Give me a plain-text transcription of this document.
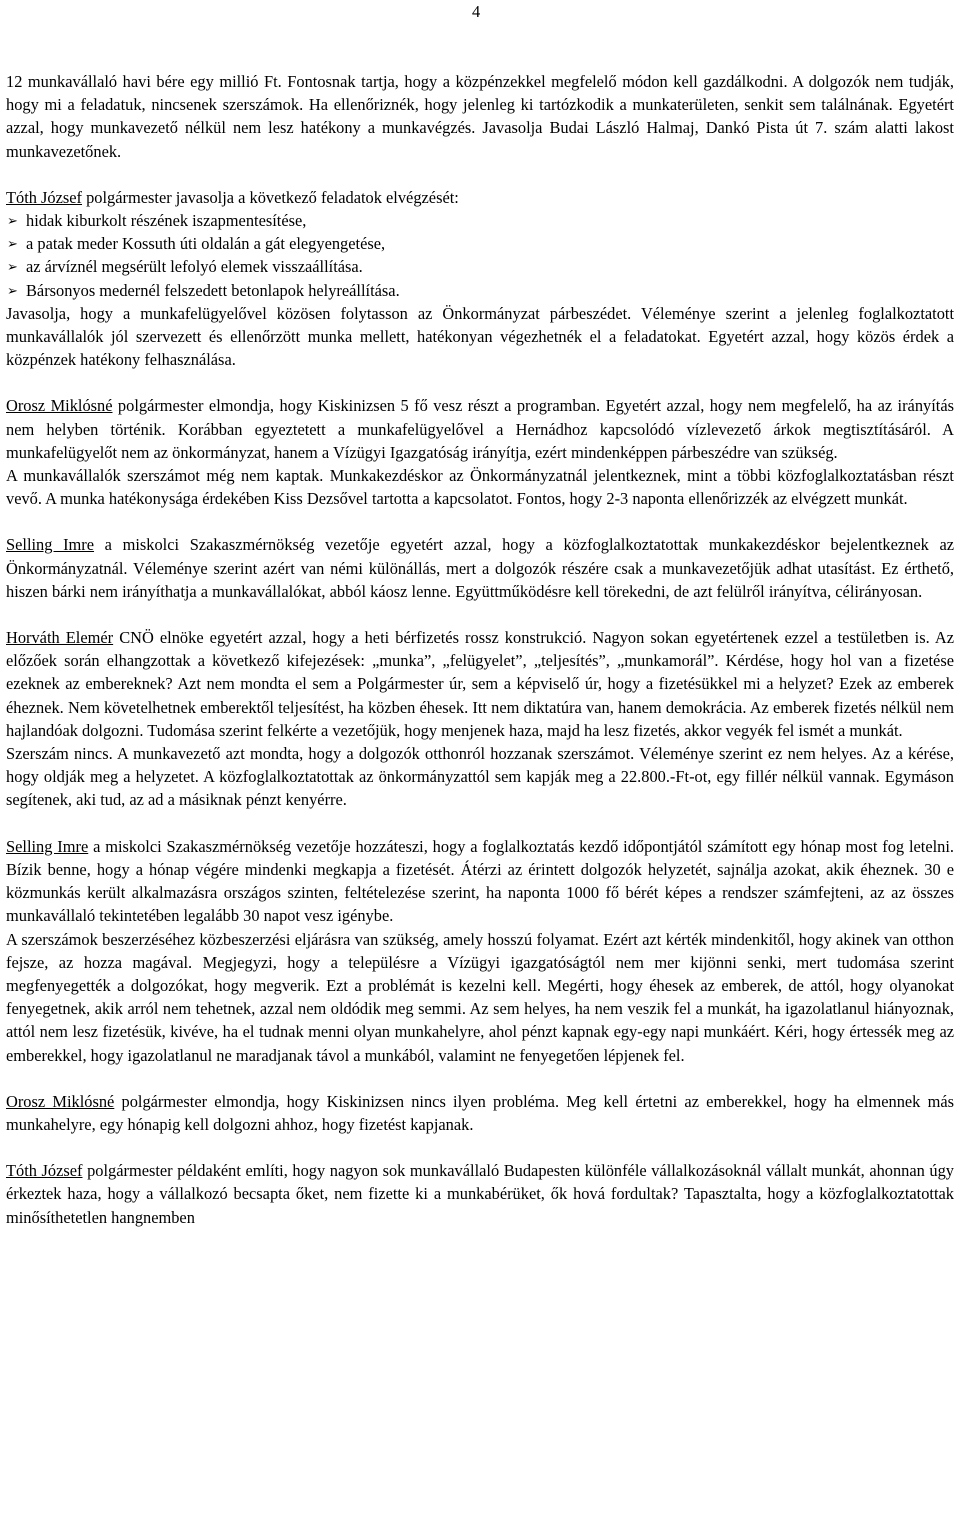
4

12 munkavállaló havi bére egy millió Ft. Fontosnak tartja, hogy a közpénzekkel megfelelő módon kell gazdálkodni. A dolgozók nem tudják, hogy mi a feladatuk, nincsenek szerszámok. Ha ellenőriznék, hogy jelenleg ki tartózkodik a munkaterületen, senkit sem találnának. Egyetért azzal, hogy munkavezető nélkül nem lesz hatékony a munkavégzés. Javasolja Budai László Halmaj, Dankó Pista út 7. szám alatti lakost munkavezetőnek.

Tóth József polgármester javasolja a következő feladatok elvégzését:

➢ hidak kiburkolt részének iszapmentesítése,
➢ a patak meder Kossuth úti oldalán a gát elegyengetése,
➢ az árvíznél megsérült lefolyó elemek visszaállítása.
➢ Bársonyos medernél felszedett betonlapok helyreállítása.

Javasolja, hogy a munkafelügyelővel közösen folytasson az Önkormányzat párbeszédet. Véleménye szerint a jelenleg foglalkoztatott munkavállalók jól szervezett és ellenőrzött munka mellett, hatékonyan végezhetnék el a feladatokat. Egyetért azzal, hogy közös érdek a közpénzek hatékony felhasználása.

Orosz Miklósné polgármester elmondja, hogy Kiskinizsen 5 fő vesz részt a programban. Egyetért azzal, hogy nem megfelelő, ha az irányítás nem helyben történik. Korábban egyeztetett a munkafelügyelővel a Hernádhoz kapcsolódó vízlevezető árkok megtisztításáról. A munkafelügyelőt nem az önkormányzat, hanem a Vízügyi Igazgatóság irányítja, ezért mindenképpen párbeszédre van szükség.

A munkavállalók szerszámot még nem kaptak. Munkakezdéskor az Önkormányzatnál jelentkeznek, mint a többi közfoglalkoztatásban részt vevő. A munka hatékonysága érdekében Kiss Dezsővel tartotta a kapcsolatot. Fontos, hogy 2-3 naponta ellenőrizzék az elvégzett munkát.

Selling Imre a miskolci Szakaszmérnökség vezetője egyetért azzal, hogy a közfoglalkoztatottak munkakezdéskor bejelentkeznek az Önkormányzatnál. Véleménye szerint azért van némi különállás, mert a dolgozók részére csak a munkavezetőjük adhat utasítást. Ez érthető, hiszen bárki nem irányíthatja a munkavállalókat, abból káosz lenne. Együttműködésre kell törekedni, de azt felülről irányítva, célirányosan.

Horváth Elemér CNÖ elnöke egyetért azzal, hogy a heti bérfizetés rossz konstrukció. Nagyon sokan egyetértenek ezzel a testületben is. Az előzőek során elhangzottak a következő kifejezések: „munka”, „felügyelet”, „teljesítés”, „munkamorál”. Kérdése, hogy hol van a fizetése ezeknek az embereknek? Azt nem mondta el sem a Polgármester úr, sem a képviselő úr, hogy a fizetésükkel mi a helyzet? Ezek az emberek éheznek. Nem követelhetnek emberektől teljesítést, ha közben éhesek. Itt nem diktatúra van, hanem demokrácia. Az emberek fizetés nélkül nem hajlandóak dolgozni. Tudomása szerint felkérte a vezetőjük, hogy menjenek haza, majd ha lesz fizetés, akkor vegyék fel ismét a munkát.

Szerszám nincs. A munkavezető azt mondta, hogy a dolgozók otthonról hozzanak szerszámot. Véleménye szerint ez nem helyes. Az a kérése, hogy oldják meg a helyzetet. A közfoglalkoztatottak az önkormányzattól sem kapják meg a 22.800.-Ft-ot, egy fillér nélkül vannak. Egymáson segítenek, aki tud, az ad a másiknak pénzt kenyérre.

Selling Imre a miskolci Szakaszmérnökség vezetője hozzáteszi, hogy a foglalkoztatás kezdő időpontjától számított egy hónap most fog letelni. Bízik benne, hogy a hónap végére mindenki megkapja a fizetését. Átérzi az érintett dolgozók helyzetét, sajnálja azokat, akik éheznek. 30 e közmunkás került alkalmazásra országos szinten, feltételezése szerint, ha naponta 1000 fő bérét képes a rendszer számfejteni, az az összes munkavállaló tekintetében legalább 30 napot vesz igénybe.

A szerszámok beszerzéséhez közbeszerzési eljárásra van szükség, amely hosszú folyamat. Ezért azt kérték mindenkitől, hogy akinek van otthon fejsze, az hozza magával. Megjegyzi, hogy a településre a Vízügyi igazgatóságtól nem mer kijönni senki, mert tudomása szerint megfenyegették a dolgozókat, hogy megverik. Ezt a problémát is kezelni kell. Megérti, hogy éhesek az emberek, de attól, hogy olyanokat fenyegetnek, akik arról nem tehetnek, azzal nem oldódik meg semmi. Az sem helyes, ha nem veszik fel a munkát, ha igazolatlanul hiányoznak, attól nem lesz fizetésük, kivéve, ha el tudnak menni olyan munkahelyre, ahol pénzt kapnak egy-egy napi munkáért. Kéri, hogy értessék meg az emberekkel, hogy igazolatlanul ne maradjanak távol a munkából, valamint ne fenyegetően lépjenek fel.

Orosz Miklósné polgármester elmondja, hogy Kiskinizsen nincs ilyen probléma. Meg kell értetni az emberekkel, hogy ha elmennek más munkahelyre, egy hónapig kell dolgozni ahhoz, hogy fizetést kapjanak.

Tóth József polgármester példaként említi, hogy nagyon sok munkavállaló Budapesten különféle vállalkozásoknál vállalt munkát, ahonnan úgy érkeztek haza, hogy a vállalkozó becsapta őket, nem fizette ki a munkabérüket, ők hová fordultak? Tapasztalta, hogy a közfoglalkoztatottak minősíthetetlen hangnemben
